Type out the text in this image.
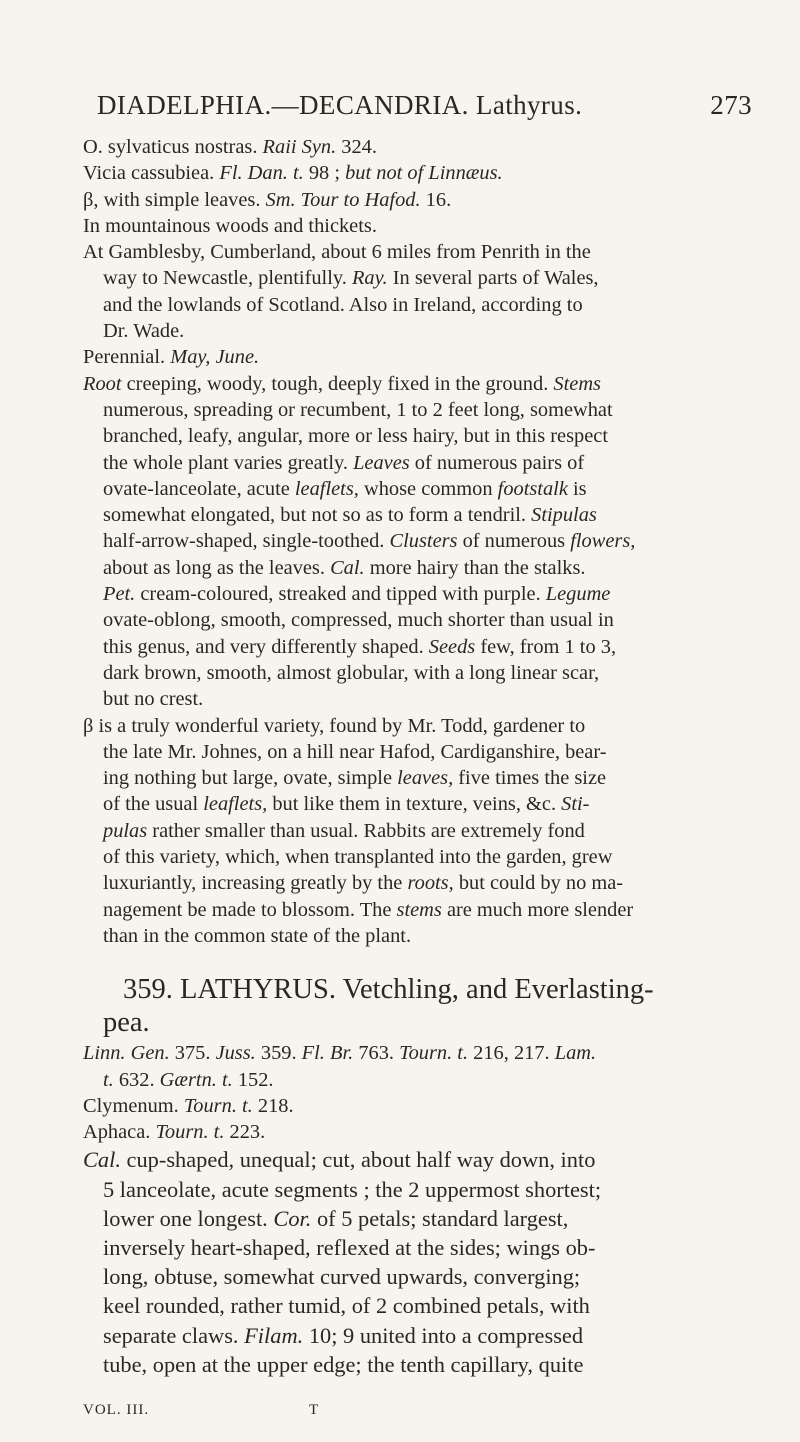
DIADELPHIA.—DECANDRIA. Lathyrus.	273
O. sylvaticus nostras. Raii Syn. 324.
Vicia cassubiea. Fl. Dan. t. 98 ; but not of Linnæus.
β, with simple leaves. Sm. Tour to Hafod. 16.
In mountainous woods and thickets.
At Gamblesby, Cumberland, about 6 miles from Penrith in the
way to Newcastle, plentifully. Ray. In several parts of Wales,
and the lowlands of Scotland. Also in Ireland, according to
Dr. Wade.
Perennial. May, June.
Root creeping, woody, tough, deeply fixed in the ground. Stems
numerous, spreading or recumbent, 1 to 2 feet long, somewhat
branched, leafy, angular, more or less hairy, but in this respect
the whole plant varies greatly. Leaves of numerous pairs of
ovate-lanceolate, acute leaflets, whose common footstalk is
somewhat elongated, but not so as to form a tendril. Stipulas
half-arrow-shaped, single-toothed. Clusters of numerous flowers,
about as long as the leaves. Cal. more hairy than the stalks.
Pet. cream-coloured, streaked and tipped with purple. Legume
ovate-oblong, smooth, compressed, much shorter than usual in
this genus, and very differently shaped. Seeds few, from 1 to 3,
dark brown, smooth, almost globular, with a long linear scar,
but no crest.
β is a truly wonderful variety, found by Mr. Todd, gardener to
the late Mr. Johnes, on a hill near Hafod, Cardiganshire, bear-
ing nothing but large, ovate, simple leaves, five times the size
of the usual leaflets, but like them in texture, veins, &c. Sti-
pulas rather smaller than usual. Rabbits are extremely fond
of this variety, which, when transplanted into the garden, grew
luxuriantly, increasing greatly by the roots, but could by no ma-
nagement be made to blossom. The stems are much more slender
than in the common state of the plant.
359. LATHYRUS. Vetchling, and Everlasting-
pea.
Linn. Gen. 375. Juss. 359. Fl. Br. 763. Tourn. t. 216, 217. Lam.
t. 632. Gærtn. t. 152.
Clymenum. Tourn. t. 218.
Aphaca. Tourn. t. 223.
Cal. cup-shaped, unequal; cut, about half way down, into
5 lanceolate, acute segments ; the 2 uppermost shortest;
lower one longest. Cor. of 5 petals; standard largest,
inversely heart-shaped, reflexed at the sides; wings ob-
long, obtuse, somewhat curved upwards, converging;
keel rounded, rather tumid, of 2 combined petals, with
separate claws. Filam. 10; 9 united into a compressed
tube, open at the upper edge; the tenth capillary, quite
VOL. III.	T
